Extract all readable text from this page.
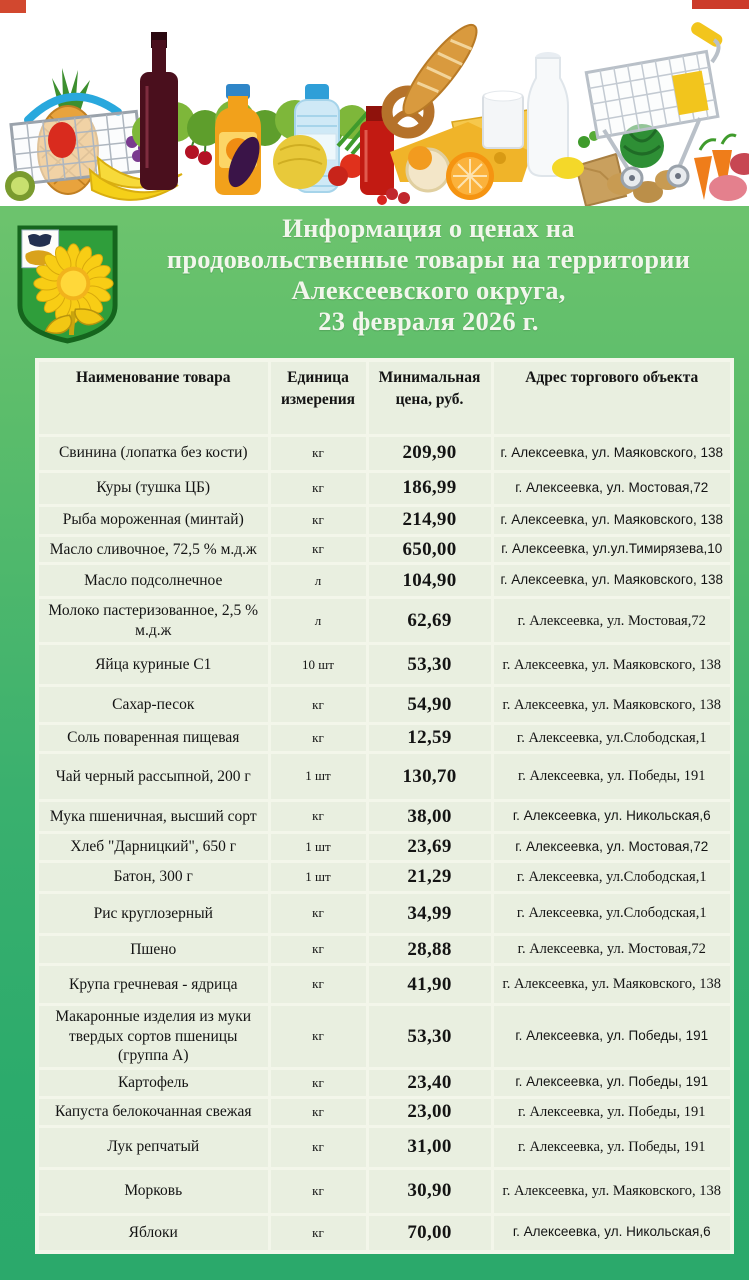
Информация о ценах на
продовольственные товары на территории
Алексеевского округа,
23 февраля 2026 г.
Наименование товара	Единица измерения	Минимальная цена, руб.	Адрес торгового объекта
Свинина (лопатка без кости)	кг	209,90	г. Алексеевка, ул. Маяковского, 138
Куры (тушка ЦБ)	кг	186,99	г. Алексеевка, ул. Мостовая,72
Рыба мороженная (минтай)	кг	214,90	г. Алексеевка, ул. Маяковского, 138
Масло сливочное, 72,5 % м.д.ж	кг	650,00	г. Алексеевка, ул.ул.Тимирязева,10
Масло подсолнечное	л	104,90	г. Алексеевка, ул. Маяковского, 138
Молоко пастеризованное, 2,5 % м.д.ж	л	62,69	г. Алексеевка, ул. Мостовая,72
Яйца куриные С1	10 шт	53,30	г. Алексеевка, ул. Маяковского, 138
Сахар-песок	кг	54,90	г. Алексеевка, ул. Маяковского, 138
Соль поваренная пищевая	кг	12,59	г. Алексеевка, ул.Слободская,1
Чай черный рассыпной, 200 г	1 шт	130,70	г. Алексеевка, ул. Победы, 191
Мука пшеничная, высший сорт	кг	38,00	г. Алексеевка, ул. Никольская,6
Хлеб "Дарницкий", 650 г	1 шт	23,69	г. Алексеевка, ул. Мостовая,72
Батон, 300 г	1 шт	21,29	г. Алексеевка, ул.Слободская,1
Рис круглозерный	кг	34,99	г. Алексеевка, ул.Слободская,1
Пшено	кг	28,88	г. Алексеевка, ул. Мостовая,72
Крупа гречневая - ядрица	кг	41,90	г. Алексеевка, ул. Маяковского, 138
Макаронные изделия из муки твердых сортов пшеницы (группа А)	кг	53,30	г. Алексеевка, ул. Победы, 191
Картофель	кг	23,40	г. Алексеевка, ул. Победы, 191
Капуста белокочанная свежая	кг	23,00	г. Алексеевка, ул. Победы, 191
Лук репчатый	кг	31,00	г. Алексеевка, ул. Победы, 191
Морковь	кг	30,90	г. Алексеевка, ул. Маяковского, 138
Яблоки	кг	70,00	г. Алексеевка, ул. Никольская,6
